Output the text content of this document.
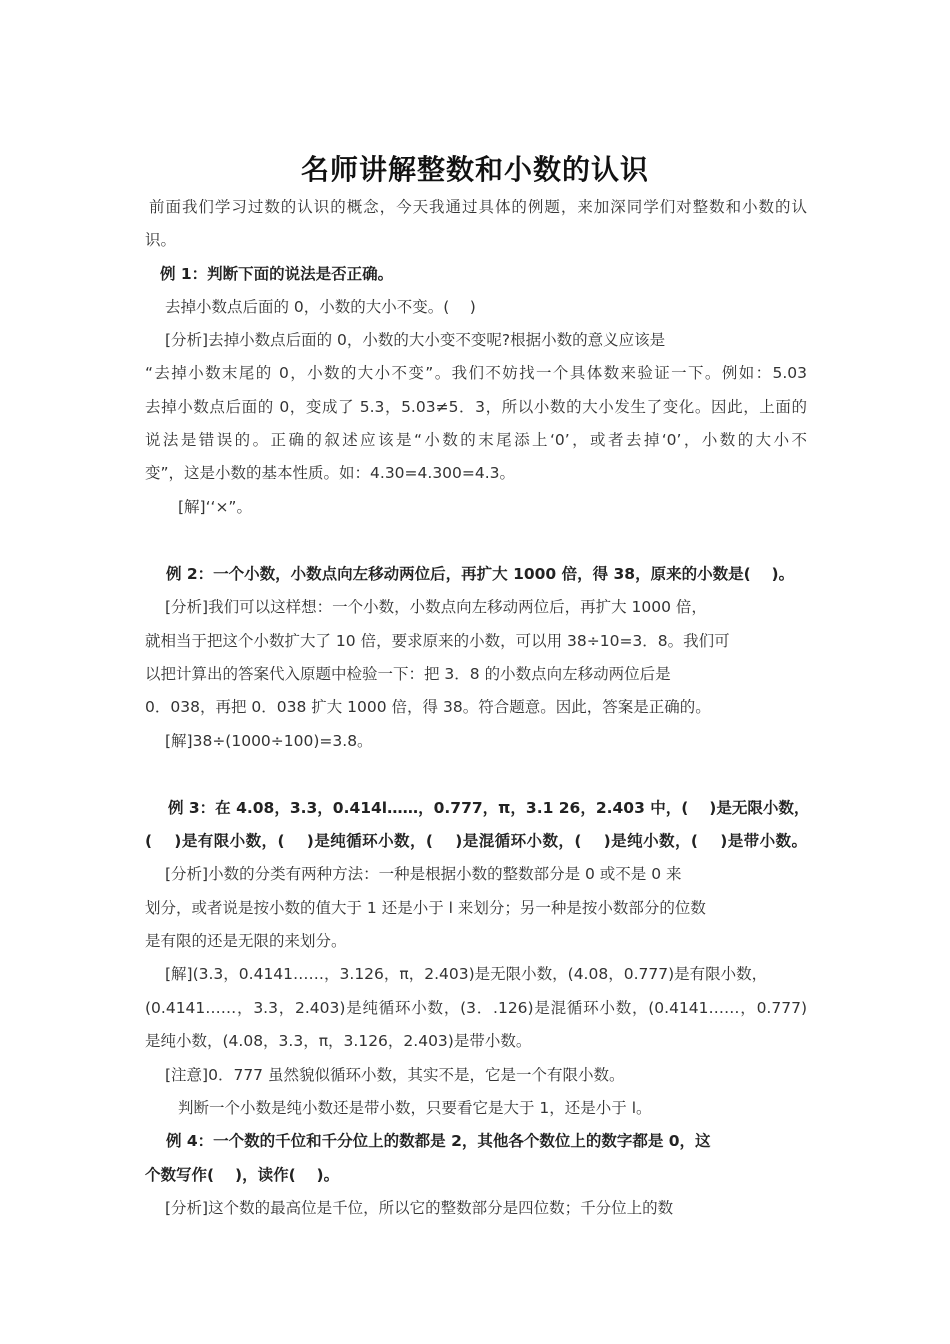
名师讲解整数和小数的认识
前面我们学习过数的认识的概念，今天我通过具体的例题，来加深同学们对整数和小数的认
识。
例 1：判断下面的说法是否正确。
去掉小数点后面的 0，小数的大小不变。(　 )
[分析]去掉小数点后面的 0，小数的大小变不变呢?根据小数的意义应该是
“去掉小数末尾的 0，小数的大小不变”。我们不妨找一个具体数来验证一下。例如：5.03
去掉小数点后面的 0，变成了 5.3，5.03≠5．3，所以小数的大小发生了变化。因此，上面的
说法是错误的。正确的叙述应该是“小数的末尾添上‘0’，或者去掉‘0’，小数的大小不
变”，这是小数的基本性质。如：4.30=4.300=4.3。
[解]‘‘×”。
例 2：一个小数，小数点向左移动两位后，再扩大 1000 倍，得 38，原来的小数是(　 )。
[分析]我们可以这样想：一个小数，小数点向左移动两位后，再扩大 1000 倍，
就相当于把这个小数扩大了 10 倍，要求原来的小数，可以用 38÷10=3．8。我们可
以把计算出的答案代入原题中检验一下：把 3．8 的小数点向左移动两位后是
0．038，再把 0．038 扩大 1000 倍，得 38。符合题意。因此，答案是正确的。
[解]38÷(1000÷100)=3.8。
例 3：在 4.08，3.3，0.414l……，0.777，π，3.1 26，2.403 中，(　 )是无限小数，
(　 )是有限小数，(　 )是纯循环小数，(　 )是混循环小数，(　 )是纯小数，(　 )是带小数。
[分析]小数的分类有两种方法：一种是根据小数的整数部分是 0 或不是 0 来
划分，或者说是按小数的值大于 1 还是小于 l 来划分；另一种是按小数部分的位数
是有限的还是无限的来划分。
[解](3.3，0.4141……，3.126，π，2.403)是无限小数，(4.08，0.777)是有限小数，
(0.4141……，3.3，2.403)是纯循环小数，(3．.126)是混循环小数，(0.4141……，0.777)
是纯小数，(4.08，3.3，π，3.126，2.403)是带小数。
[注意]0．777 虽然貌似循环小数，其实不是，它是一个有限小数。
判断一个小数是纯小数还是带小数，只要看它是大于 1，还是小于 l。
例 4：一个数的千位和千分位上的数都是 2，其他各个数位上的数字都是 0，这
个数写作(　 )，读作(　 )。
[分析]这个数的最高位是千位，所以它的整数部分是四位数；千分位上的数
